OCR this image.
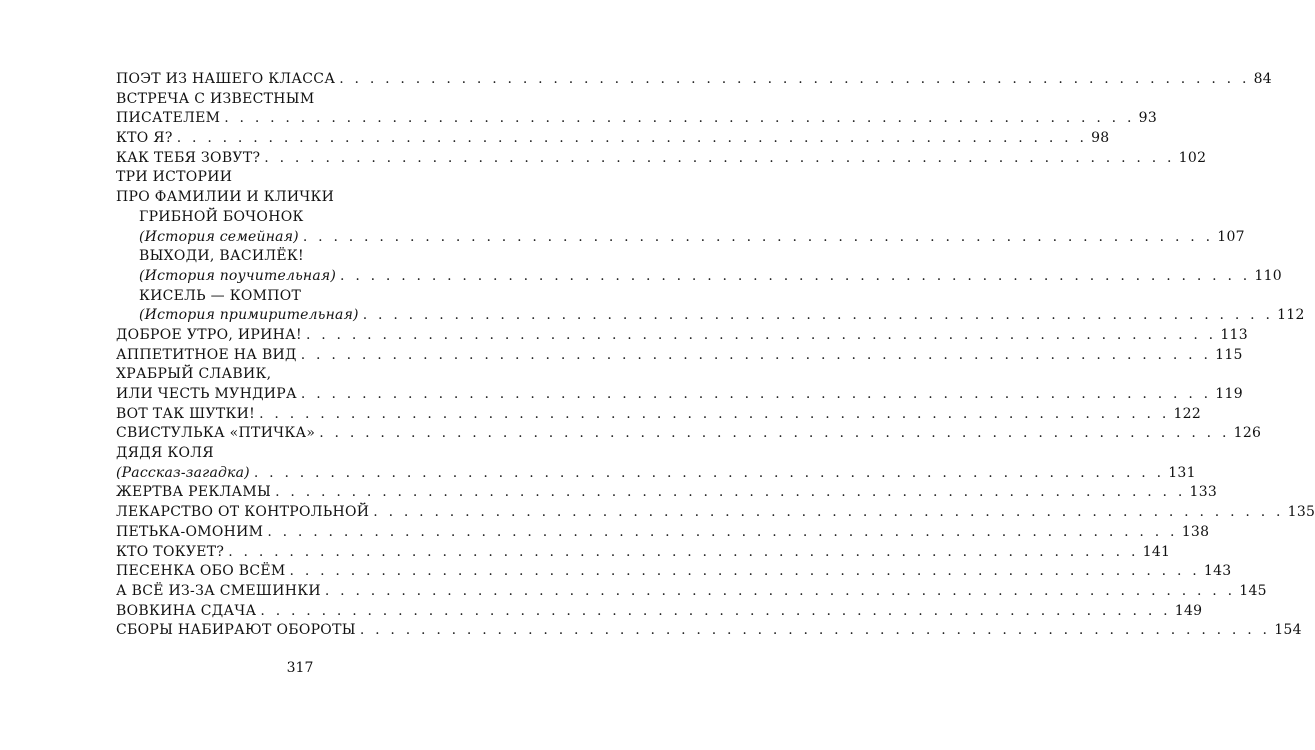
ПОЭТ ИЗ НАШЕГО КЛАССА . . . . . . . . . . . . . . . . . . . . . . . . . . . . . . . . . . . . . . . . . . . . . . . . . . . . . . . . . . . . 84
ВСТРЕЧА С ИЗВЕСТНЫМ
ПИСАТЕЛЕМ . . . . . . . . . . . . . . . . . . . . . . . . . . . . . . . . . . . . . . . . . . . . . . . . . . . . . . . . . . . . 93
КТО Я? . . . . . . . . . . . . . . . . . . . . . . . . . . . . . . . . . . . . . . . . . . . . . . . . . . . . . . . . . . . . 98
КАК ТЕБЯ ЗОВУТ? . . . . . . . . . . . . . . . . . . . . . . . . . . . . . . . . . . . . . . . . . . . . . . . . . . . . . . . . . . . . 102
ТРИ ИСТОРИИ
ПРО ФАМИЛИИ И КЛИЧКИ
ГРИБНОЙ БОЧОНОК
(История семейная) . . . . . . . . . . . . . . . . . . . . . . . . . . . . . . . . . . . . . . . . . . . . . . . . . . . . . . . . . . . . 107
ВЫХОДИ, ВАСИЛЁК!
(История поучительная) . . . . . . . . . . . . . . . . . . . . . . . . . . . . . . . . . . . . . . . . . . . . . . . . . . . . . . . . . . . . 110
КИСЕЛЬ — КОМПОТ
(История примирительная) . . . . . . . . . . . . . . . . . . . . . . . . . . . . . . . . . . . . . . . . . . . . . . . . . . . . . . . . . . . . 112
ДОБРОЕ УТРО, ИРИНА! . . . . . . . . . . . . . . . . . . . . . . . . . . . . . . . . . . . . . . . . . . . . . . . . . . . . . . . . . . . . 113
АППЕТИТНОЕ НА ВИД . . . . . . . . . . . . . . . . . . . . . . . . . . . . . . . . . . . . . . . . . . . . . . . . . . . . . . . . . . . . 115
ХРАБРЫЙ СЛАВИК,
ИЛИ ЧЕСТЬ МУНДИРА . . . . . . . . . . . . . . . . . . . . . . . . . . . . . . . . . . . . . . . . . . . . . . . . . . . . . . . . . . . . 119
ВОТ ТАК ШУТКИ! . . . . . . . . . . . . . . . . . . . . . . . . . . . . . . . . . . . . . . . . . . . . . . . . . . . . . . . . . . . . 122
СВИСТУЛЬКА «ПТИЧКА» . . . . . . . . . . . . . . . . . . . . . . . . . . . . . . . . . . . . . . . . . . . . . . . . . . . . . . . . . . . . 126
ДЯДЯ КОЛЯ
(Рассказ-загадка) . . . . . . . . . . . . . . . . . . . . . . . . . . . . . . . . . . . . . . . . . . . . . . . . . . . . . . . . . . . . 131
ЖЕРТВА РЕКЛАМЫ . . . . . . . . . . . . . . . . . . . . . . . . . . . . . . . . . . . . . . . . . . . . . . . . . . . . . . . . . . . . 133
ЛЕКАРСТВО ОТ КОНТРОЛЬНОЙ . . . . . . . . . . . . . . . . . . . . . . . . . . . . . . . . . . . . . . . . . . . . . . . . . . . . . . . . . . . . 135
ПЕТЬКА-ОМОНИМ . . . . . . . . . . . . . . . . . . . . . . . . . . . . . . . . . . . . . . . . . . . . . . . . . . . . . . . . . . . . 138
КТО ТОКУЕТ? . . . . . . . . . . . . . . . . . . . . . . . . . . . . . . . . . . . . . . . . . . . . . . . . . . . . . . . . . . . . 141
ПЕСЕНКА ОБО ВСЁМ . . . . . . . . . . . . . . . . . . . . . . . . . . . . . . . . . . . . . . . . . . . . . . . . . . . . . . . . . . . . 143
А ВСЁ ИЗ-ЗА СМЕШИНКИ . . . . . . . . . . . . . . . . . . . . . . . . . . . . . . . . . . . . . . . . . . . . . . . . . . . . . . . . . . . . 145
ВОВКИНА СДАЧА . . . . . . . . . . . . . . . . . . . . . . . . . . . . . . . . . . . . . . . . . . . . . . . . . . . . . . . . . . . . 149
СБОРЫ НАБИРАЮТ ОБОРОТЫ . . . . . . . . . . . . . . . . . . . . . . . . . . . . . . . . . . . . . . . . . . . . . . . . . . . . . . . . . . . . 154
317
